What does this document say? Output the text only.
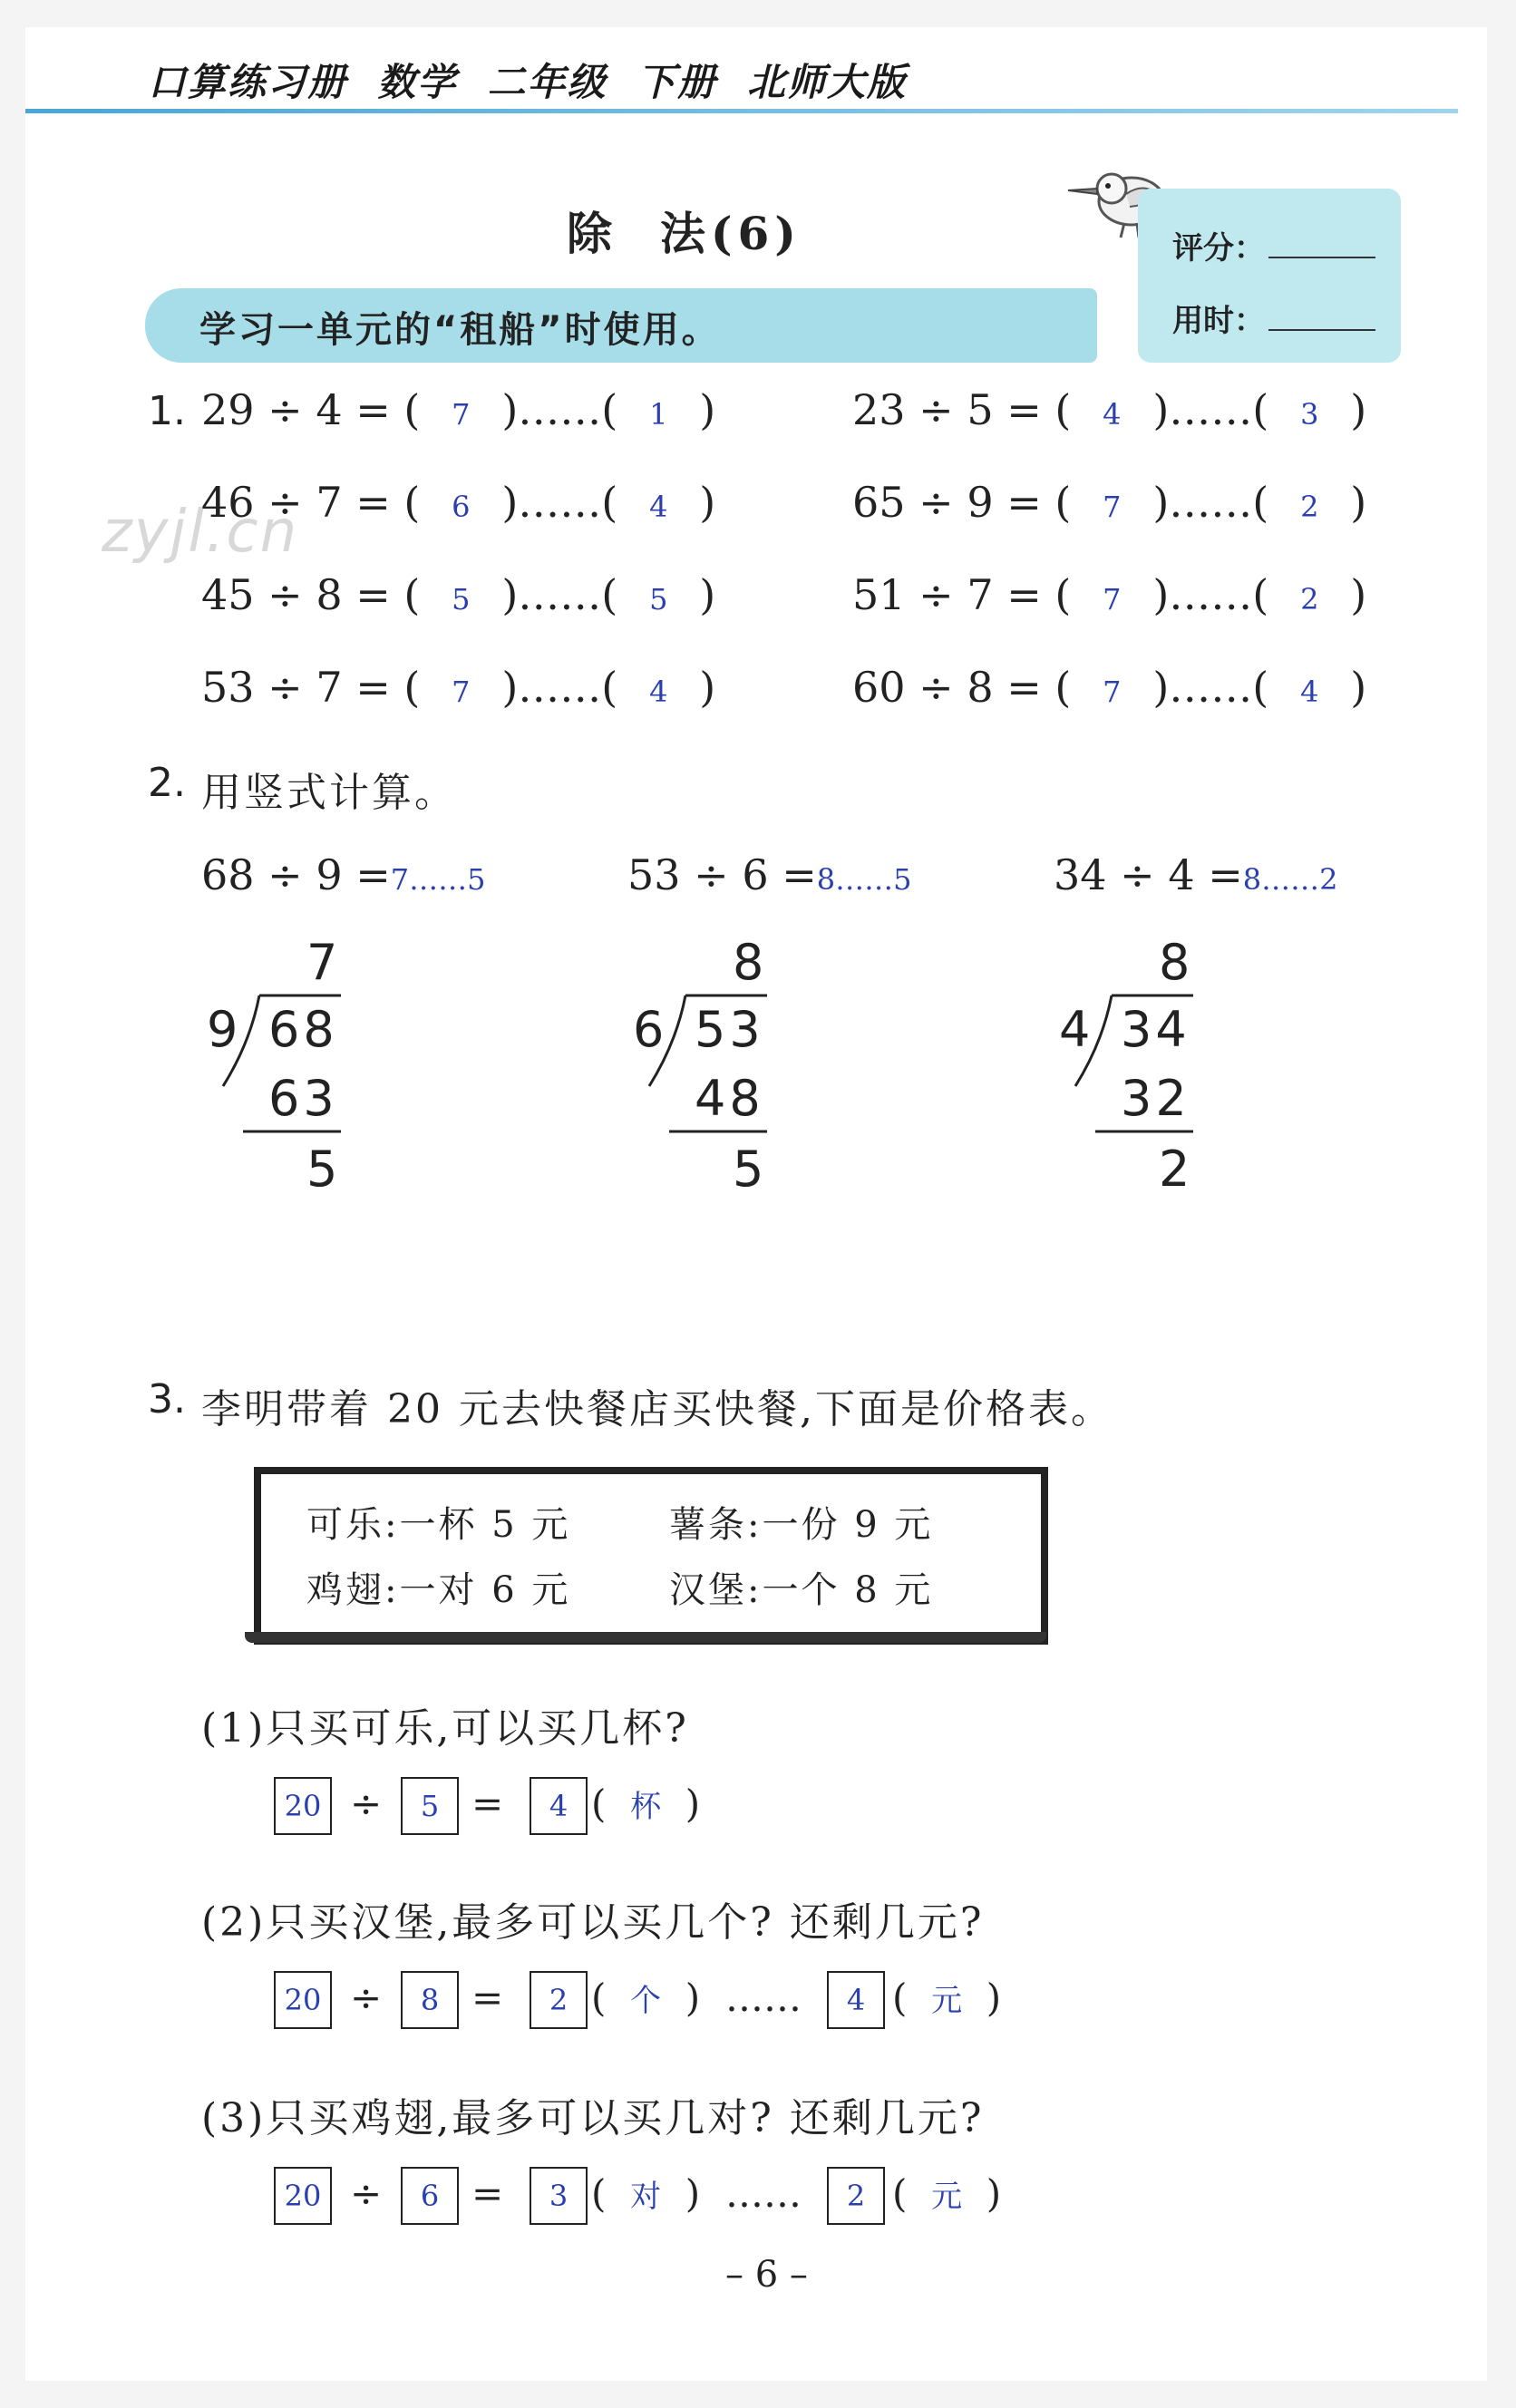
口算练习册  数学  二年级  下册  北师大版
除  法(6)	评分：
用时：
学习一单元的“租船”时使用。
zyjl.cn
1. 29 ÷ 4 = ( 7 )……( 1 )	23 ÷ 5 = ( 4 )……( 3 )
46 ÷ 7 = ( 6 )……( 4 )	65 ÷ 9 = ( 7 )……( 2 )
45 ÷ 8 = ( 5 )……( 5 )	51 ÷ 7 = ( 7 )……( 2 )
53 ÷ 7 = ( 7 )……( 4 )	60 ÷ 8 = ( 7 )……( 4 )
2. 用竖式计算。
68 ÷ 9 =7……5
7
9 68
63
5
53 ÷ 6 =8……5
8
6 53
48
5
34 ÷ 4 =8……2
8
4 34
32
2
3. 李明带着 20 元去快餐店买快餐,下面是价格表。
可乐:一杯 5 元	薯条:一份 9 元
鸡翅:一对 6 元	汉堡:一个 8 元
(1)只买可乐,可以买几杯?
20 ÷	5 =	4 (  杯  )
(2)只买汉堡,最多可以买几个? 还剩几元?
20 ÷	8 =	2 (  个  ) ……	4 (  元  )
(3)只买鸡翅,最多可以买几对? 还剩几元?
20 ÷	6 =	3 (  对  ) ……	2 (  元  )
– 6 –
